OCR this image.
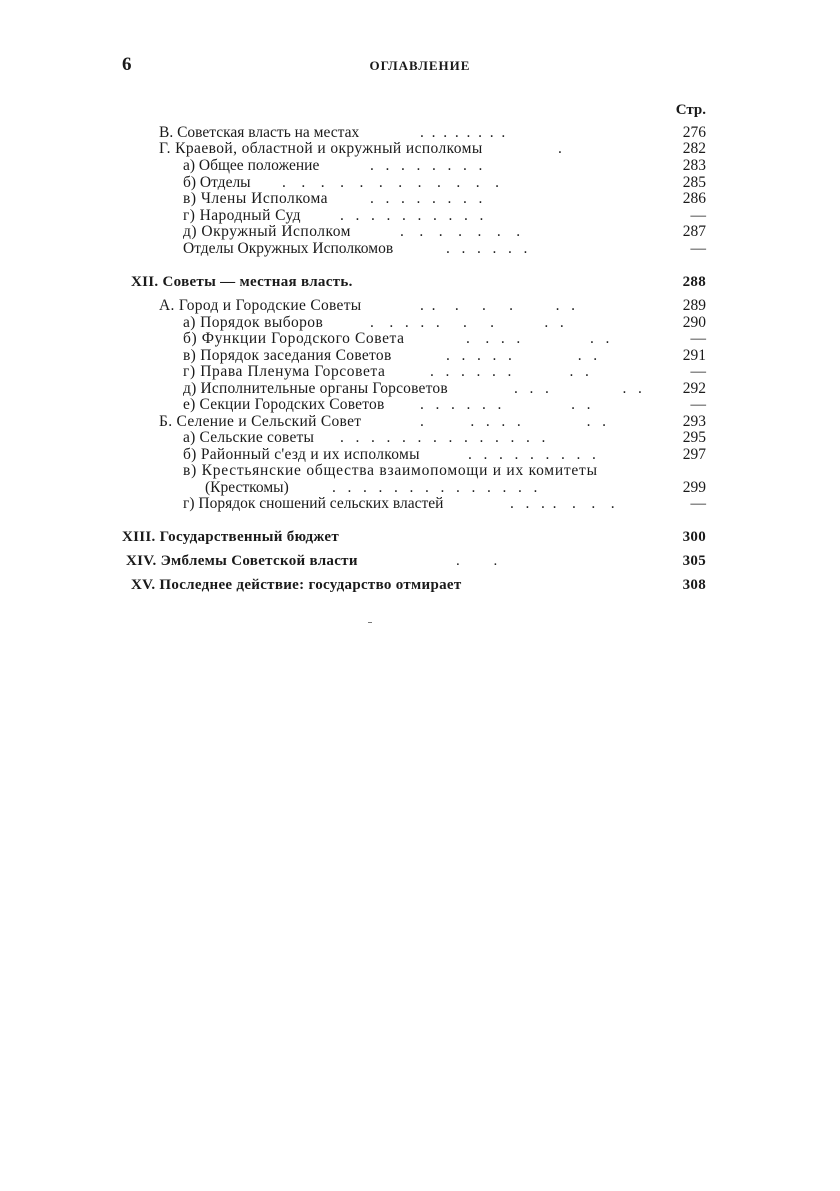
6	ОГЛАВЛЕНИЕ
Стр.
В. Советская власть на местах	.  .  .  .  .  .  .  .	276
Г. Краевой, областной и окружный исполкомы	.	282
а) Общее положение	.   .   .   .   .   .   .   .	283
б) Отделы .    .    .    .    .    .    .    .    .    .    .    .	285
в) Члены Исполкома	.   .   .   .   .   .   .   .	286
г) Народный Суд	.   .   .   .   .   .   .   .   .   .	—
д) Окружный Исполком	.    .    .    .    .    .    .	287
Отделы Окружных Исполкомов	.   .   .   .   .   .	—
XII. Советы — местная власть.	288
А. Город и Городские Советы	.  .     .      .      .           .   .	289
а) Порядок выборов	.    .   .   .   .      .      .             .   .	290
б) Функции Городского Совета	.    .   .   .                  .   .	—
в) Порядок заседания Советов	.   .   .   .   .                 .   .	291
г) Права Пленума Горсовета	.   .   .   .   .   .               .   .	—
д) Исполнительные органы Горсоветов	.   .   .                   .   .	292
е) Секции Городских Советов .   .   .   .   .   .                  .   .	—
Б. Селение и Сельский Совет	.            .   .   .   .                 .   .	293
а) Сельские советы .   .   .   .   .   .   .   .   .   .   .   .   .   .	295
б) Районный с'езд и их исполкомы	.   .   .   .   .   .   .   .   .	297
в) Крестьянские общества взаимопомощи и их комитеты
(Кресткомы)	.   .   .   .   .   .   .   .   .   .   .   .   .   .	299
г) Порядок сношений сельских властей	.   .   .  .    .    .    .	—
XIII. Государственный бюджет	300
XIV. Эмблемы Советской власти	.         .	305
XV. Последнее действие: государство отмирает	308
